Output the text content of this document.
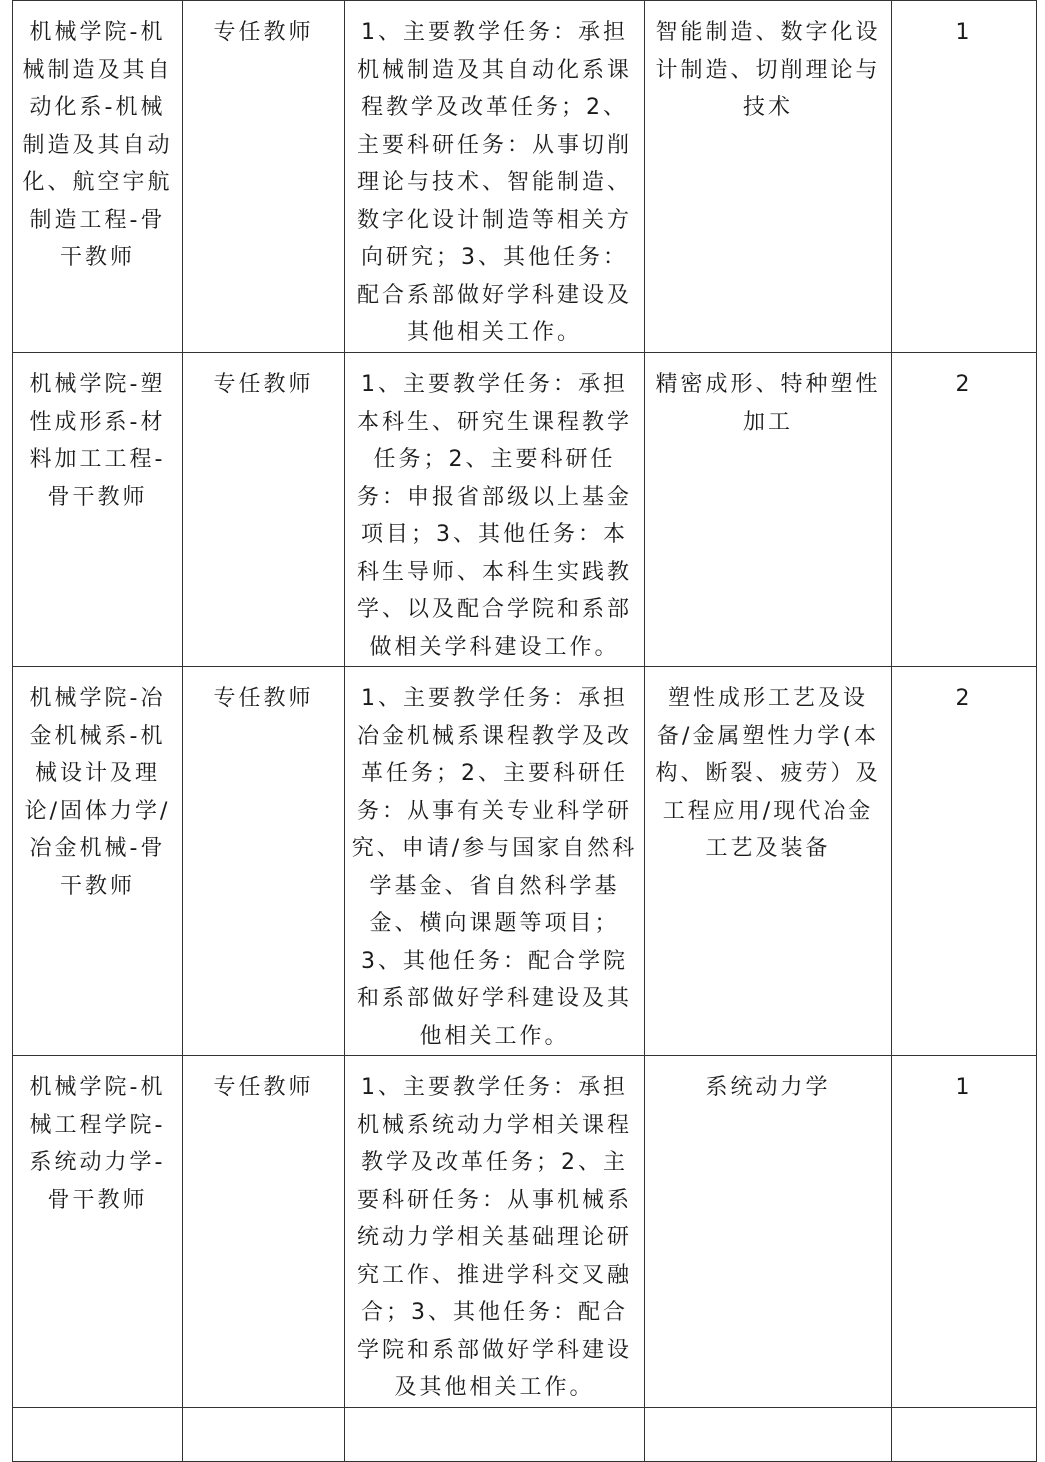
机械学院-机械制造及其自动化系-机械制造及其自动化、航空宇航制造工程-骨干教师	专任教师	1、主要教学任务：承担机械制造及其自动化系课程教学及改革任务；2、主要科研任务：从事切削理论与技术、智能制造、数字化设计制造等相关方向研究；3、其他任务：配合系部做好学科建设及其他相关工作。	智能制造、数字化设计制造、切削理论与技术	1
机械学院-塑性成形系-材料加工工程-骨干教师	专任教师	1、主要教学任务：承担本科生、研究生课程教学任务；2、主要科研任务：申报省部级以上基金项目；3、其他任务：本科生导师、本科生实践教学、以及配合学院和系部做相关学科建设工作。	精密成形、特种塑性加工	2
机械学院-冶金机械系-机械设计及理论/固体力学/冶金机械-骨干教师	专任教师	1、主要教学任务：承担冶金机械系课程教学及改革任务；2、主要科研任务：从事有关专业科学研究、申请/参与国家自然科学基金、省自然科学基金、横向课题等项目；3、其他任务：配合学院和系部做好学科建设及其他相关工作。	塑性成形工艺及设备/金属塑性力学(本构、断裂、疲劳）及工程应用/现代冶金工艺及装备	2
机械学院-机械工程学院-系统动力学-骨干教师	专任教师	1、主要教学任务：承担机械系统动力学相关课程教学及改革任务；2、主要科研任务：从事机械系统动力学相关基础理论研究工作、推进学科交叉融合；3、其他任务：配合学院和系部做好学科建设及其他相关工作。	系统动力学	1
